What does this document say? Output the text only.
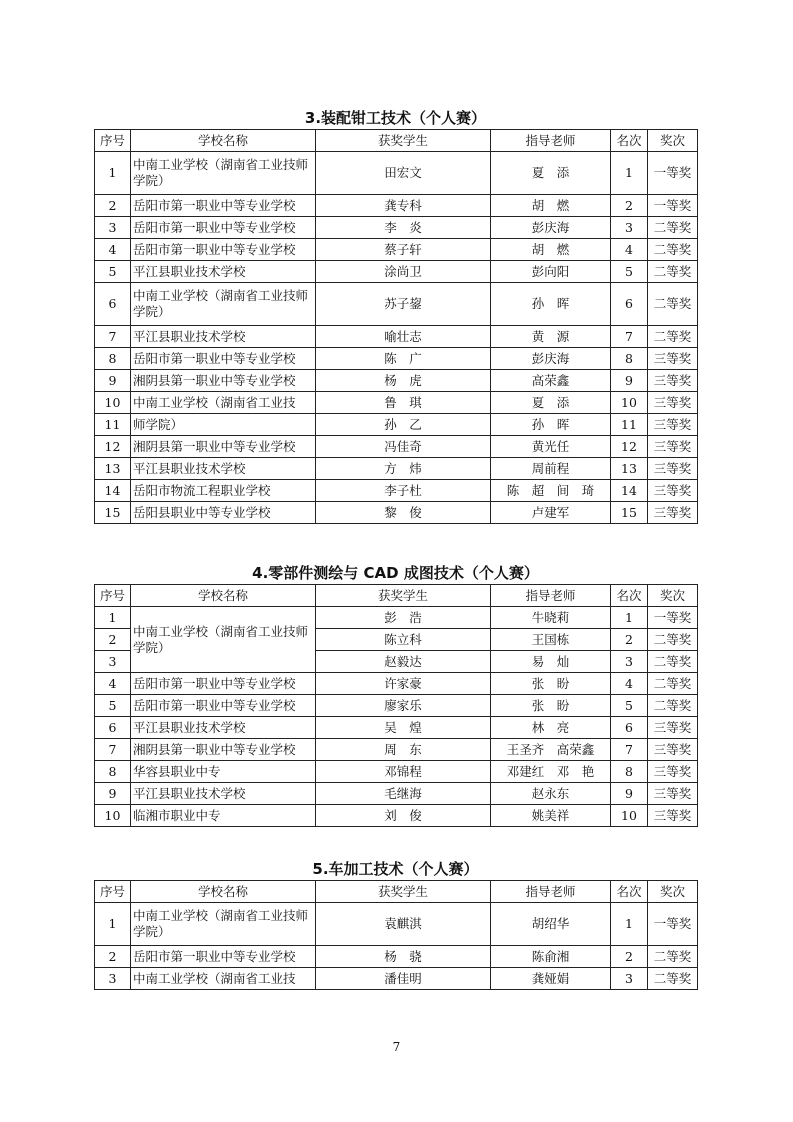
3.装配钳工技术（个人赛）
序号	学校名称	获奖学生	指导老师	名次	奖次
1	中南工业学校（湖南省工业技师学院）	田宏文	夏　添	1	一等奖
2	岳阳市第一职业中等专业学校	龚专科	胡　燃	2	一等奖
3	岳阳市第一职业中等专业学校	李　炎	彭庆海	3	二等奖
4	岳阳市第一职业中等专业学校	蔡子轩	胡　燃	4	二等奖
5	平江县职业技术学校	涂尚卫	彭向阳	5	二等奖
6	中南工业学校（湖南省工业技师学院）	苏子鋆	孙　晖	6	二等奖
7	平江县职业技术学校	喻壮志	黄　源	7	二等奖
8	岳阳市第一职业中等专业学校	陈　广	彭庆海	8	三等奖
9	湘阴县第一职业中等专业学校	杨　虎	高荣鑫	9	三等奖
10	中南工业学校（湖南省工业技	鲁　琪	夏　添	10	三等奖
11	师学院）	孙　乙	孙　晖	11	三等奖
12	湘阴县第一职业中等专业学校	冯佳奇	黄光任	12	三等奖
13	平江县职业技术学校	方　炜	周前程	13	三等奖
14	岳阳市物流工程职业学校	李子杜	陈　超　间　琦	14	三等奖
15	岳阳县职业中等专业学校	黎　俊	卢建军	15	三等奖
4.零部件测绘与 CAD 成图技术（个人赛）
序号	学校名称	获奖学生	指导老师	名次	奖次
1	中南工业学校（湖南省工业技师学院）	彭　浩	牛晓莉	1	一等奖
2		陈立科	王国栋	2	二等奖
3		赵毅达	易　灿	3	二等奖
4	岳阳市第一职业中等专业学校	许家豪	张　盼	4	二等奖
5	岳阳市第一职业中等专业学校	廖家乐	张　盼	5	二等奖
6	平江县职业技术学校	吴　煌	林　亮	6	三等奖
7	湘阴县第一职业中等专业学校	周　东	王圣齐　高荣鑫	7	三等奖
8	华容县职业中专	邓锦程	邓建红　邓　艳	8	三等奖
9	平江县职业技术学校	毛继海	赵永东	9	三等奖
10	临湘市职业中专	刘　俊	姚美祥	10	三等奖
5.车加工技术（个人赛）
序号	学校名称	获奖学生	指导老师	名次	奖次
1	中南工业学校（湖南省工业技师学院）	袁麒淇	胡绍华	1	一等奖
2	岳阳市第一职业中等专业学校	杨　骁	陈俞湘	2	二等奖
3	中南工业学校（湖南省工业技	潘佳明	龚娅娟	3	二等奖
7
